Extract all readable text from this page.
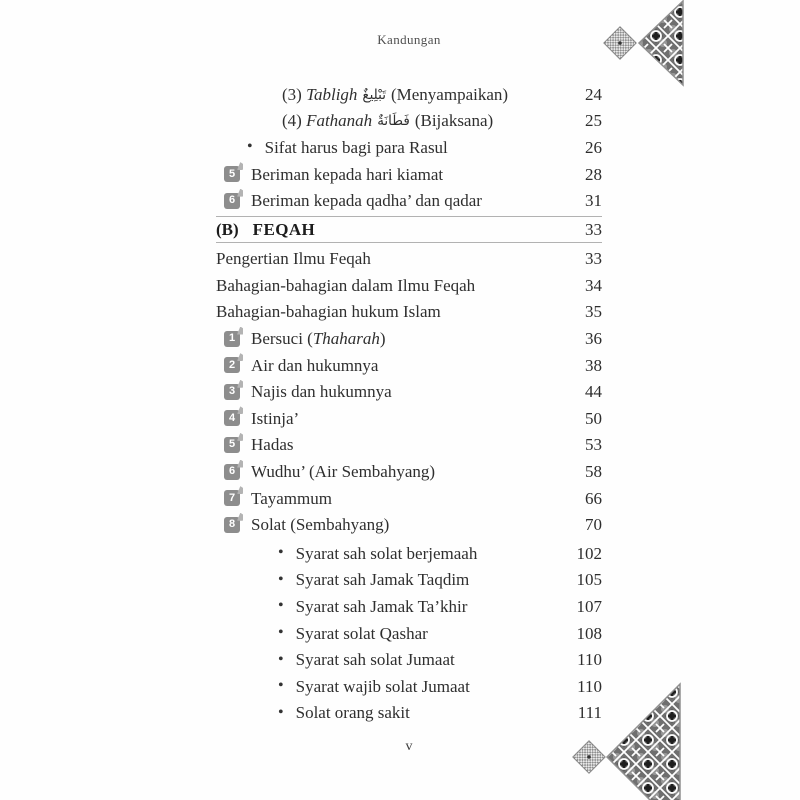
Kandungan
(3) Tabligh تَبْلِيغٌ (Menyampaikan)	24
(4) Fathanah فَطَانَةٌ (Bijaksana)	25
• Sifat harus bagi para Rasul	26
5 Beriman kepada hari kiamat	28
6 Beriman kepada qadha’ dan qadar	31
(B) FEQAH	33
Pengertian Ilmu Feqah	33
Bahagian-bahagian dalam Ilmu Feqah	34
Bahagian-bahagian hukum Islam	35
1 Bersuci (Thaharah)	36
2 Air dan hukumnya	38
3 Najis dan hukumnya	44
4 Istinja’	50
5 Hadas	53
6 Wudhu’ (Air Sembahyang)	58
7 Tayammum	66
8 Solat (Sembahyang)	70
• Syarat sah solat berjemaah	102
• Syarat sah Jamak Taqdim	105
• Syarat sah Jamak Ta’khir	107
• Syarat solat Qashar	108
• Syarat sah solat Jumaat	110
• Syarat wajib solat Jumaat	110
• Solat orang sakit	111
v
